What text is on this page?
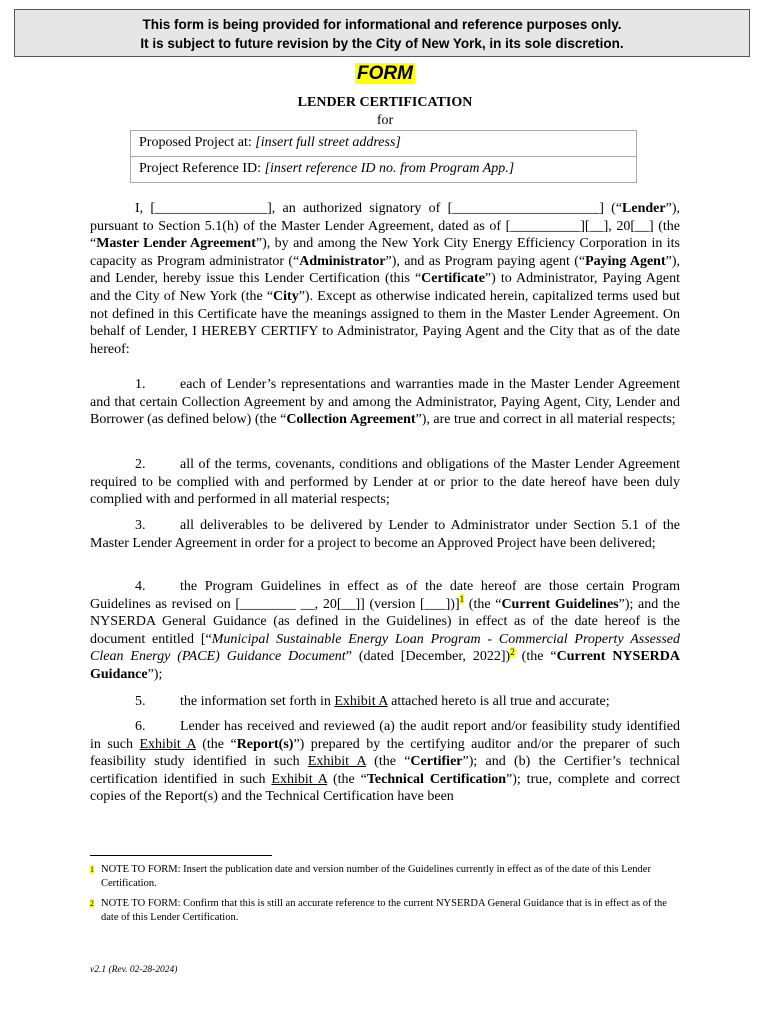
This form is being provided for informational and reference purposes only.
It is subject to future revision by the City of New York, in its sole discretion.
FORM
LENDER CERTIFICATION
for
Proposed Project at: [insert full street address]
Project Reference ID: [insert reference ID no. from Program App.]
I, [________________], an authorized signatory of [_____________________] (“Lender”), pursuant to Section 5.1(h) of the Master Lender Agreement, dated as of [__________][__], 20[__] (the “Master Lender Agreement”), by and among the New York City Energy Efficiency Corporation in its capacity as Program administrator (“Administrator”), and as Program paying agent (“Paying Agent”), and Lender, hereby issue this Lender Certification (this “Certificate”) to Administrator, Paying Agent and the City of New York (the “City”). Except as otherwise indicated herein, capitalized terms used but not defined in this Certificate have the meanings assigned to them in the Master Lender Agreement. On behalf of Lender, I HEREBY CERTIFY to Administrator, Paying Agent and the City that as of the date hereof:
1. each of Lender’s representations and warranties made in the Master Lender Agreement and that certain Collection Agreement by and among the Administrator, Paying Agent, City, Lender and Borrower (as defined below) (the “Collection Agreement”), are true and correct in all material respects;
2. all of the terms, covenants, conditions and obligations of the Master Lender Agreement required to be complied with and performed by Lender at or prior to the date hereof have been duly complied with and performed in all material respects;
3. all deliverables to be delivered by Lender to Administrator under Section 5.1 of the Master Lender Agreement in order for a project to become an Approved Project have been delivered;
4. the Program Guidelines in effect as of the date hereof are those certain Program Guidelines as revised on [________ __, 20[__]] (version [___])]$^1$ (the “Current Guidelines”); and the NYSERDA General Guidance (as defined in the Guidelines) in effect as of the date hereof is the document entitled [“Municipal Sustainable Energy Loan Program - Commercial Property Assessed Clean Energy (PACE) Guidance Document” (dated [December, 2022])$^2$ (the “Current NYSERDA Guidance”);
5. the information set forth in Exhibit A attached hereto is all true and accurate;
6. Lender has received and reviewed (a) the audit report and/or feasibility study identified in such Exhibit A (the “Report(s)”) prepared by the certifying auditor and/or the preparer of such feasibility study identified in such Exhibit A (the “Certifier”); and (b) the Certifier’s technical certification identified in such Exhibit A (the “Technical Certification”); true, complete and correct copies of the Report(s) and the Technical Certification have been
$^1$ NOTE TO FORM: Insert the publication date and version number of the Guidelines currently in effect as of the date of this Lender Certification.
$^2$ NOTE TO FORM: Confirm that this is still an accurate reference to the current NYSERDA General Guidance that is in effect as of the date of this Lender Certification.
v2.1 (Rev. 02-28-2024)
